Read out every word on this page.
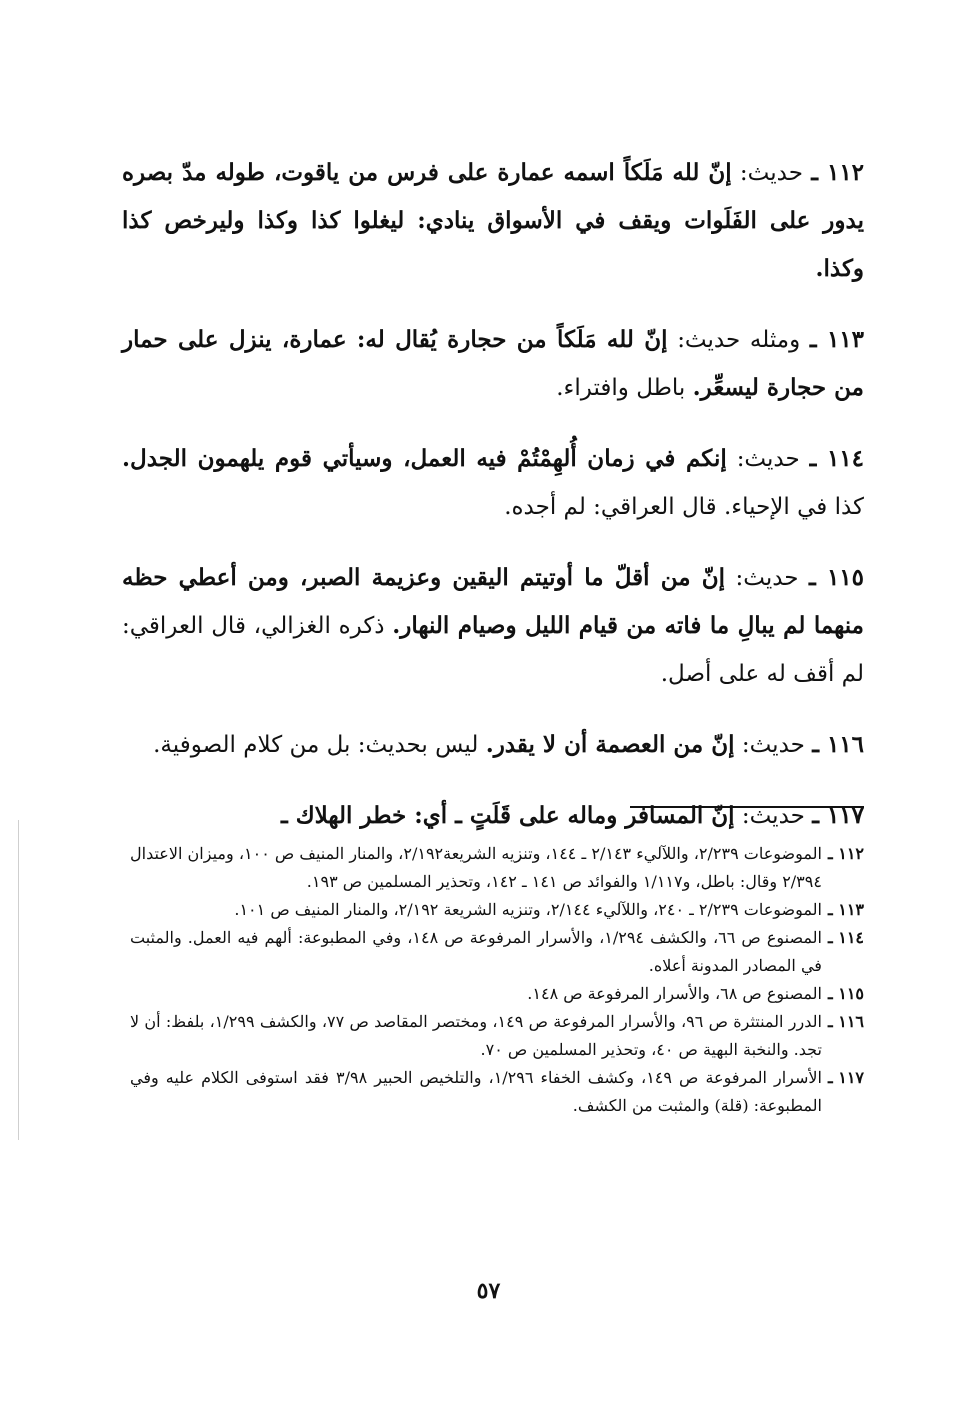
١١٢ ـ حديث: إنّ لله مَلَكاً اسمه عمارة على فرس من ياقوت، طوله مدّ بصره يدور على الفَلَوات ويقف في الأسواق ينادي: ليغلوا كذا وكذا وليرخص كذا وكذا.

١١٣ ـ ومثله حديث: إنّ لله مَلَكاً من حجارة يُقال له: عمارة، ينزل على حمار من حجارة ليسعِّر. باطل وافتراء.

١١٤ ـ حديث: إنكم في زمان أُلهِمْتُمْ فيه العمل، وسيأتي قوم يلهمون الجدل. كذا في الإحياء. قال العراقي: لم أجده.

١١٥ ـ حديث: إنّ من أقلّ ما أوتيتم اليقين وعزيمة الصبر، ومن أعطي حظه منهما لم يبالِ ما فاته من قيام الليل وصيام النهار. ذكره الغزالي، قال العراقي: لم أقف له على أصل.

١١٦ ـ حديث: إنّ من العصمة أن لا يقدر. ليس بحديث: بل من كلام الصوفية.

١١٧ ـ حديث: إنّ المسافر وماله على قَلَتٍ ـ أي: خطر الهلاك ـ

١١٢ ـ
الموضوعات ٢/٢٣٩، واللآليء ٢/١٤٣ ـ ١٤٤، وتنزيه الشريعة٢/١٩٢، والمنار المنيف ص ١٠٠، وميزان الاعتدال ٢/٣٩٤ وقال: باطل، و١/١١٧ والفوائد ص ١٤١ ـ ١٤٢، وتحذير المسلمين ص ١٩٣.
١١٣ ـ
الموضوعات ٢/٢٣٩ ـ ٢٤٠، واللآليء ٢/١٤٤، وتنزيه الشريعة ٢/١٩٢، والمنار المنيف ص ١٠١.
١١٤ ـ
المصنوع ص ٦٦، والكشف ١/٢٩٤، والأسرار المرفوعة ص ١٤٨، وفي المطبوعة: ألهم فيه العمل. والمثبت في المصادر المدونة أعلاه.
١١٥ ـ
المصنوع ص ٦٨، والأسرار المرفوعة ص ١٤٨.
١١٦ ـ
الدرر المنتثرة ص ٩٦، والأسرار المرفوعة ص ١٤٩، ومختصر المقاصد ص ٧٧، والكشف ١/٢٩٩، بلفظ: أن لا تجد. والنخبة البهية ص ٤٠، وتحذير المسلمين ص ٧٠.
١١٧ ـ
الأسرار المرفوعة ص ١٤٩، وكشف الخفاء ١/٢٩٦، والتلخيص الحبير ٣/٩٨ فقد استوفى الكلام عليه وفي المطبوعة: (قلة) والمثبت من الكشف.
٥٧
